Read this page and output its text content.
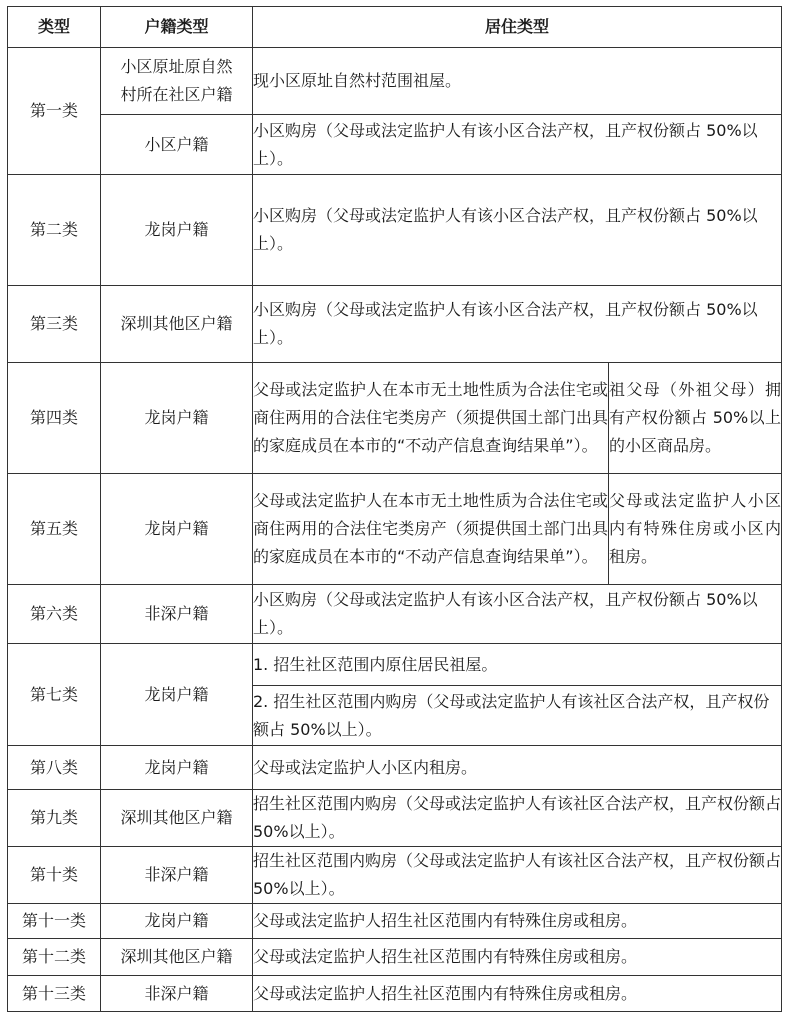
类型	户籍类型	居住类型	
第一类	小区原址原自然村所在社区户籍	现小区原址自然村范围祖屋。	
	小区户籍	小区购房（父母或法定监护人有该小区合法产权，且产权份额占 50%以上）。	
第二类	龙岗户籍	小区购房（父母或法定监护人有该小区合法产权，且产权份额占 50%以上）。	
第三类	深圳其他区户籍	小区购房（父母或法定监护人有该小区合法产权，且产权份额占 50%以上）。	
第四类	龙岗户籍	父母或法定监护人在本市无土地性质为合法住宅或商住两用的合法住宅类房产（须提供国土部门出具的家庭成员在本市的“不动产信息查询结果单”）。	祖父母（外祖父母）拥有产权份额占 50%以上的小区商品房。
第五类	龙岗户籍	父母或法定监护人在本市无土地性质为合法住宅或商住两用的合法住宅类房产（须提供国土部门出具的家庭成员在本市的“不动产信息查询结果单”）。	父母或法定监护人小区内有特殊住房或小区内租房。
第六类	非深户籍	小区购房（父母或法定监护人有该小区合法产权，且产权份额占 50%以上）。	
第七类	龙岗户籍	1. 招生社区范围内原住居民祖屋。	
		2. 招生社区范围内购房（父母或法定监护人有该社区合法产权，且产权份额占 50%以上）。	
第八类	龙岗户籍	父母或法定监护人小区内租房。	
第九类	深圳其他区户籍	招生社区范围内购房（父母或法定监护人有该社区合法产权，且产权份额占 50%以上）。	
第十类	非深户籍	招生社区范围内购房（父母或法定监护人有该社区合法产权，且产权份额占 50%以上）。	
第十一类	龙岗户籍	父母或法定监护人招生社区范围内有特殊住房或租房。	
第十二类	深圳其他区户籍	父母或法定监护人招生社区范围内有特殊住房或租房。	
第十三类	非深户籍	父母或法定监护人招生社区范围内有特殊住房或租房。	
